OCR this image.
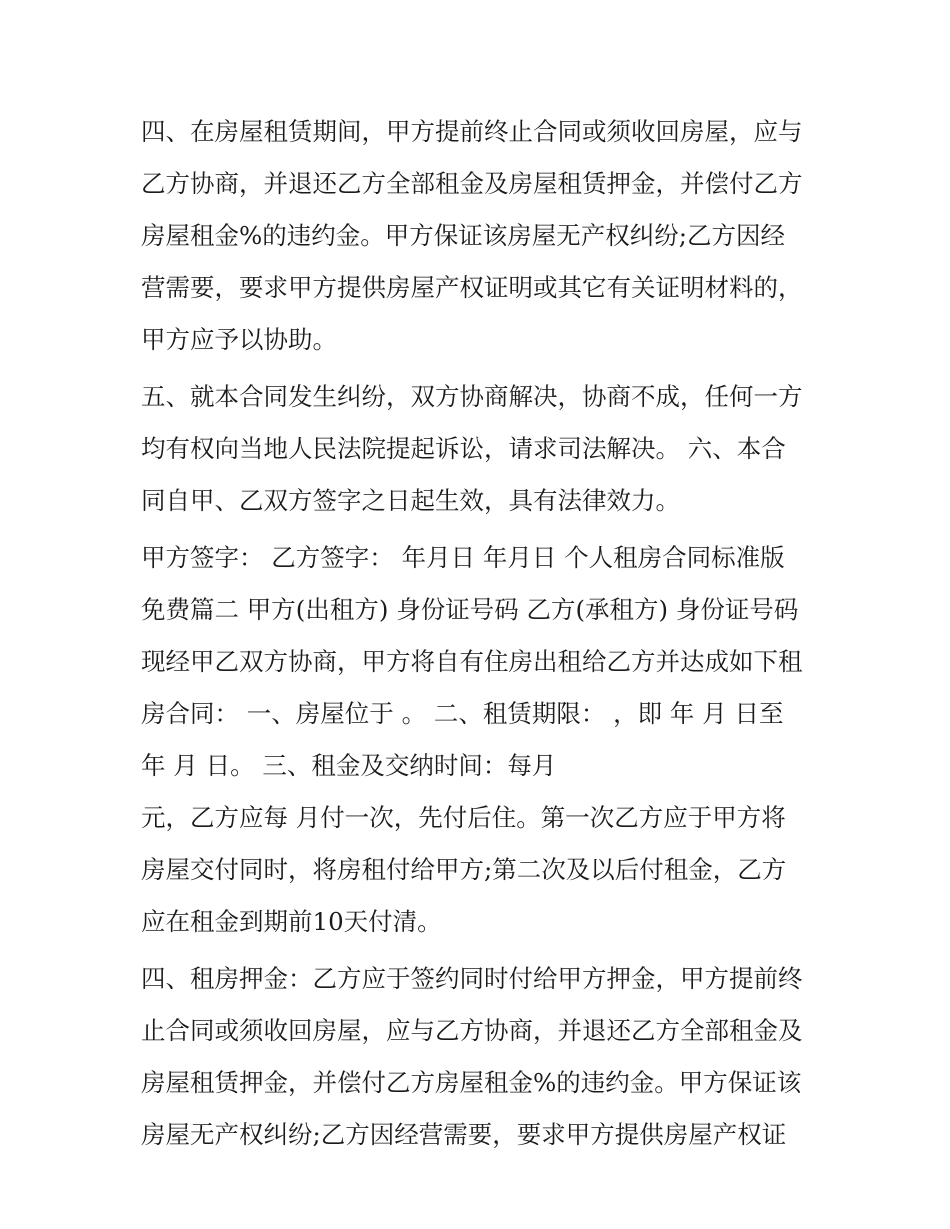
四、在房屋租赁期间，甲方提前终止合同或须收回房屋，应与

乙方协商，并退还乙方全部租金及房屋租赁押金，并偿付乙方

房屋租金%的违约金。甲方保证该房屋无产权纠纷;乙方因经

营需要，要求甲方提供房屋产权证明或其它有关证明材料的，

甲方应予以协助。

五、就本合同发生纠纷，双方协商解决，协商不成，任何一方

均有权向当地人民法院提起诉讼，请求司法解决。 六、本合

同自甲、乙双方签字之日起生效，具有法律效力。

甲方签字： 乙方签字： 年月日 年月日 个人租房合同标准版

免费篇二 甲方(出租方) 身份证号码 乙方(承租方) 身份证号码

现经甲乙双方协商，甲方将自有住房出租给乙方并达成如下租

房合同： 一、房屋位于 。 二、租赁期限： ，即 年 月 日至

年 月 日。 三、租金及交纳时间：每月

元，乙方应每 月付一次，先付后住。第一次乙方应于甲方将

房屋交付同时，将房租付给甲方;第二次及以后付租金，乙方

应在租金到期前10天付清。

四、租房押金：乙方应于签约同时付给甲方押金，甲方提前终

止合同或须收回房屋，应与乙方协商，并退还乙方全部租金及

房屋租赁押金，并偿付乙方房屋租金%的违约金。甲方保证该

房屋无产权纠纷;乙方因经营需要，要求甲方提供房屋产权证
